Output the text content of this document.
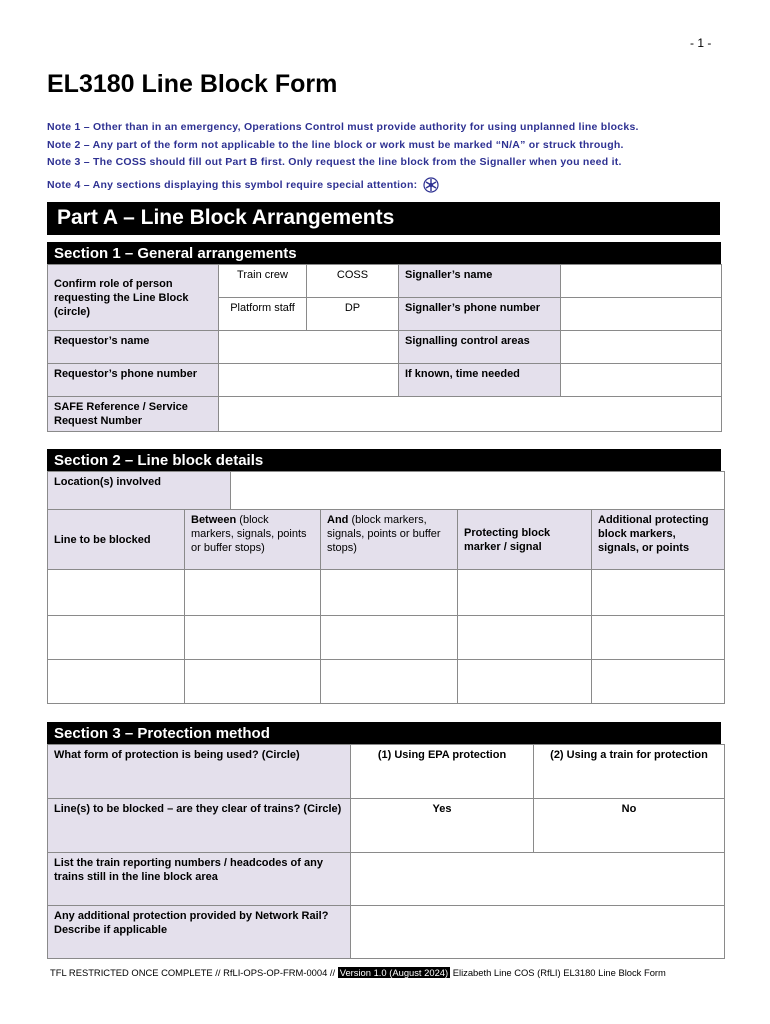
- 1 -
EL3180 Line Block Form
Note 1 – Other than in an emergency, Operations Control must provide authority for using unplanned line blocks.
Note 2 – Any part of the form not applicable to the line block or work must be marked “N/A” or struck through.
Note 3 – The COSS should fill out Part B first. Only request the line block from the Signaller when you need it.
Note 4 – Any sections displaying this symbol require special attention:
Part A – Line Block Arrangements
Section 1 – General arrangements
Confirm role of person requesting the Line Block (circle)	Train crew	COSS	Signaller’s name	
	Platform staff	DP	Signaller’s phone number	
Requestor’s name			Signalling control areas	
Requestor’s phone number			If known, time needed	
SAFE Reference / Service Request Number				
Section 2 – Line block details
Location(s) involved	
Line to be blocked	Between (block markers, signals, points or buffer stops)	And (block markers, signals, points or buffer stops)	Protecting block marker / signal	Additional protecting block markers, signals, or points

Section 3 – Protection method
What form of protection is being used? (Circle)	(1) Using EPA protection	(2) Using a train for protection
Line(s) to be blocked – are they clear of trains? (Circle)	Yes	No
List the train reporting numbers / headcodes of any trains still in the line block area		
Any additional protection provided by Network Rail? Describe if applicable		
TFL RESTRICTED ONCE COMPLETE // RfLI-OPS-OP-FRM-0004 // Version 1.0 (August 2024) Elizabeth Line COS (RfLI) EL3180 Line Block Form
